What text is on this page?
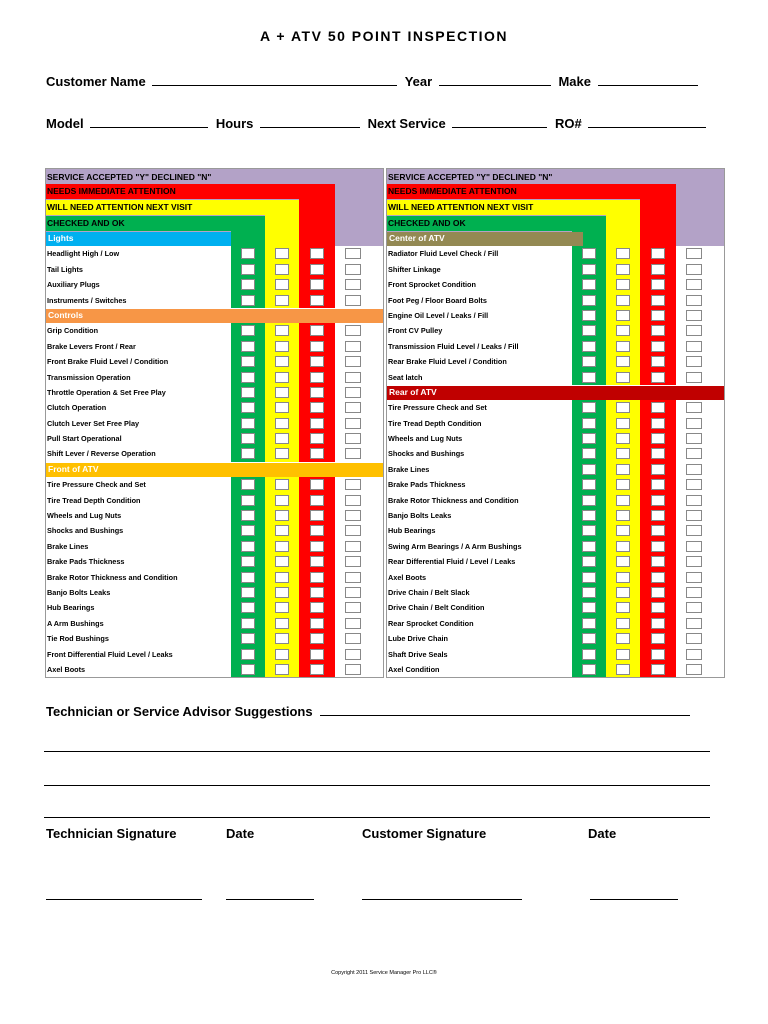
A + ATV 50 POINT INSPECTION
Customer Name	Year	Make
Model	Hours	Next Service	RO#
SERVICE ACCEPTED "Y" DECLINED "N"
NEEDS IMMEDIATE ATTENTION
WILL NEED ATTENTION NEXT VISIT
CHECKED AND OK
Lights
Headlight High / Low
Tail Lights
Auxiliary Plugs
Instruments / Switches
Controls
Grip Condition
Brake Levers Front / Rear
Front Brake Fluid Level / Condition
Transmission Operation
Throttle Operation & Set Free Play
Clutch Operation
Clutch Lever Set Free Play
Pull Start Operational
Shift Lever / Reverse Operation
Front of ATV
Tire Pressure Check and Set
Tire Tread Depth Condition
Wheels and Lug Nuts
Shocks and Bushings
Brake Lines
Brake Pads Thickness
Brake Rotor Thickness and Condition
Banjo Bolts Leaks
Hub Bearings
A Arm Bushings
Tie Rod Bushings
Front Differential Fluid Level / Leaks
Axel Boots
SERVICE ACCEPTED "Y" DECLINED "N"
NEEDS IMMEDIATE ATTENTION
WILL NEED ATTENTION NEXT VISIT
CHECKED AND OK
Center of ATV
Radiator Fluid Level Check / Fill
Shifter Linkage
Front Sprocket Condition
Foot Peg / Floor Board Bolts
Engine Oil Level / Leaks / Fill
Front CV Pulley
Transmission Fluid Level / Leaks / Fill
Rear Brake Fluid Level / Condition
Seat latch
Rear of ATV
Tire Pressure Check and Set
Tire Tread Depth Condition
Wheels and Lug Nuts
Shocks and Bushings
Brake Lines
Brake Pads Thickness
Brake Rotor Thickness and Condition
Banjo Bolts Leaks
Hub Bearings
Swing Arm Bearings / A Arm Bushings
Rear Differential Fluid / Level / Leaks
Axel Boots
Drive Chain / Belt Slack
Drive Chain / Belt Condition
Rear Sprocket Condition
Lube Drive Chain
Shaft Drive Seals
Axel Condition
Technician or Service Advisor Suggestions
Technician Signature	Date	Customer Signature	Date
Copyright 2011 Service Manager Pro LLC®
